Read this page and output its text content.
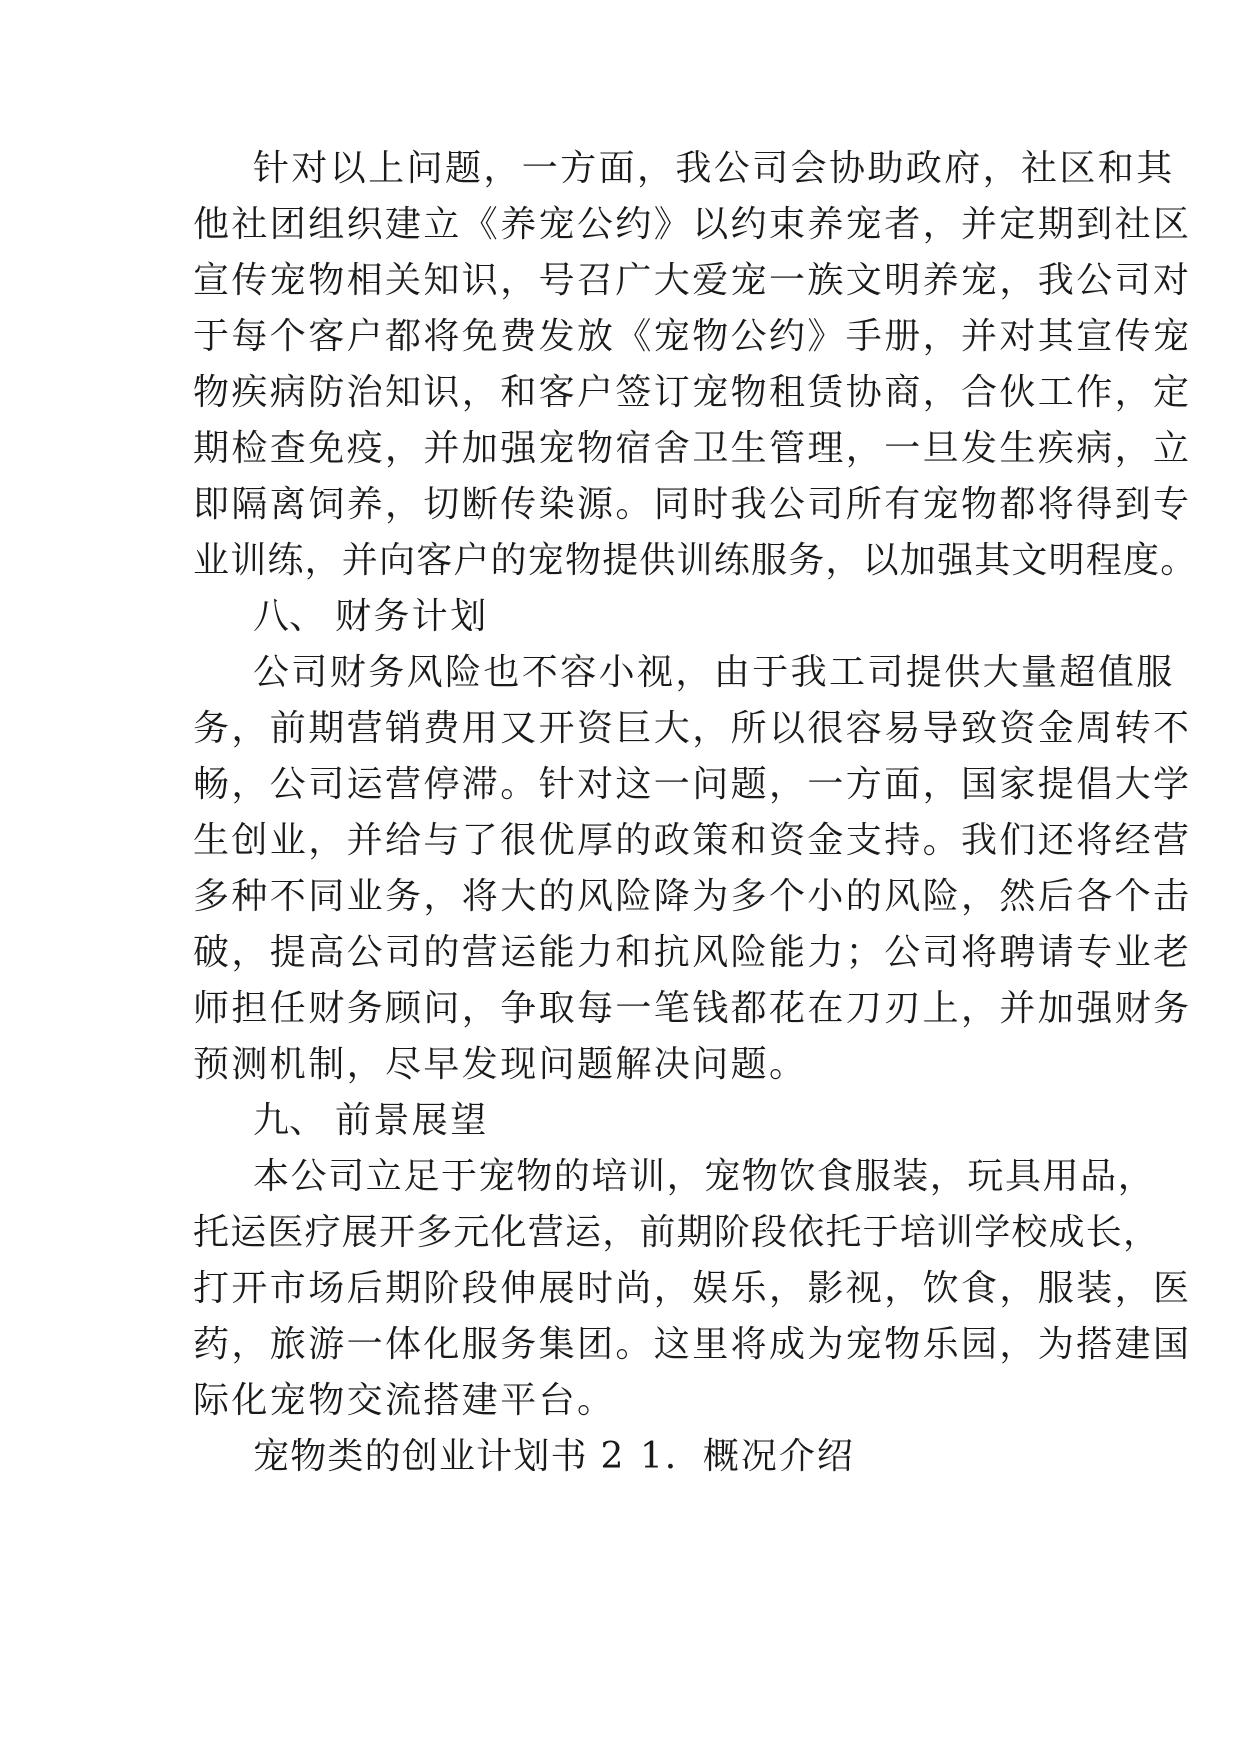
针对以上问题，一方面，我公司会协助政府，社区和其
他社团组织建立《养宠公约》以约束养宠者，并定期到社区
宣传宠物相关知识，号召广大爱宠一族文明养宠，我公司对
于每个客户都将免费发放《宠物公约》手册，并对其宣传宠
物疾病防治知识，和客户签订宠物租赁协商，合伙工作，定
期检查免疫，并加强宠物宿舍卫生管理，一旦发生疾病，立
即隔离饲养，切断传染源。同时我公司所有宠物都将得到专
业训练，并向客户的宠物提供训练服务，以加强其文明程度。
八、 财务计划
公司财务风险也不容小视，由于我工司提供大量超值服
务，前期营销费用又开资巨大，所以很容易导致资金周转不
畅，公司运营停滞。针对这一问题，一方面，国家提倡大学
生创业，并给与了很优厚的政策和资金支持。我们还将经营
多种不同业务，将大的风险降为多个小的风险，然后各个击
破，提高公司的营运能力和抗风险能力；公司将聘请专业老
师担任财务顾问，争取每一笔钱都花在刀刃上，并加强财务
预测机制，尽早发现问题解决问题。
九、 前景展望
本公司立足于宠物的培训，宠物饮食服装，玩具用品，
托运医疗展开多元化营运，前期阶段依托于培训学校成长，
打开市场后期阶段伸展时尚，娱乐，影视，饮食，服装，医
药，旅游一体化服务集团。这里将成为宠物乐园，为搭建国
际化宠物交流搭建平台。
宠物类的创业计划书 2 1．概况介绍
